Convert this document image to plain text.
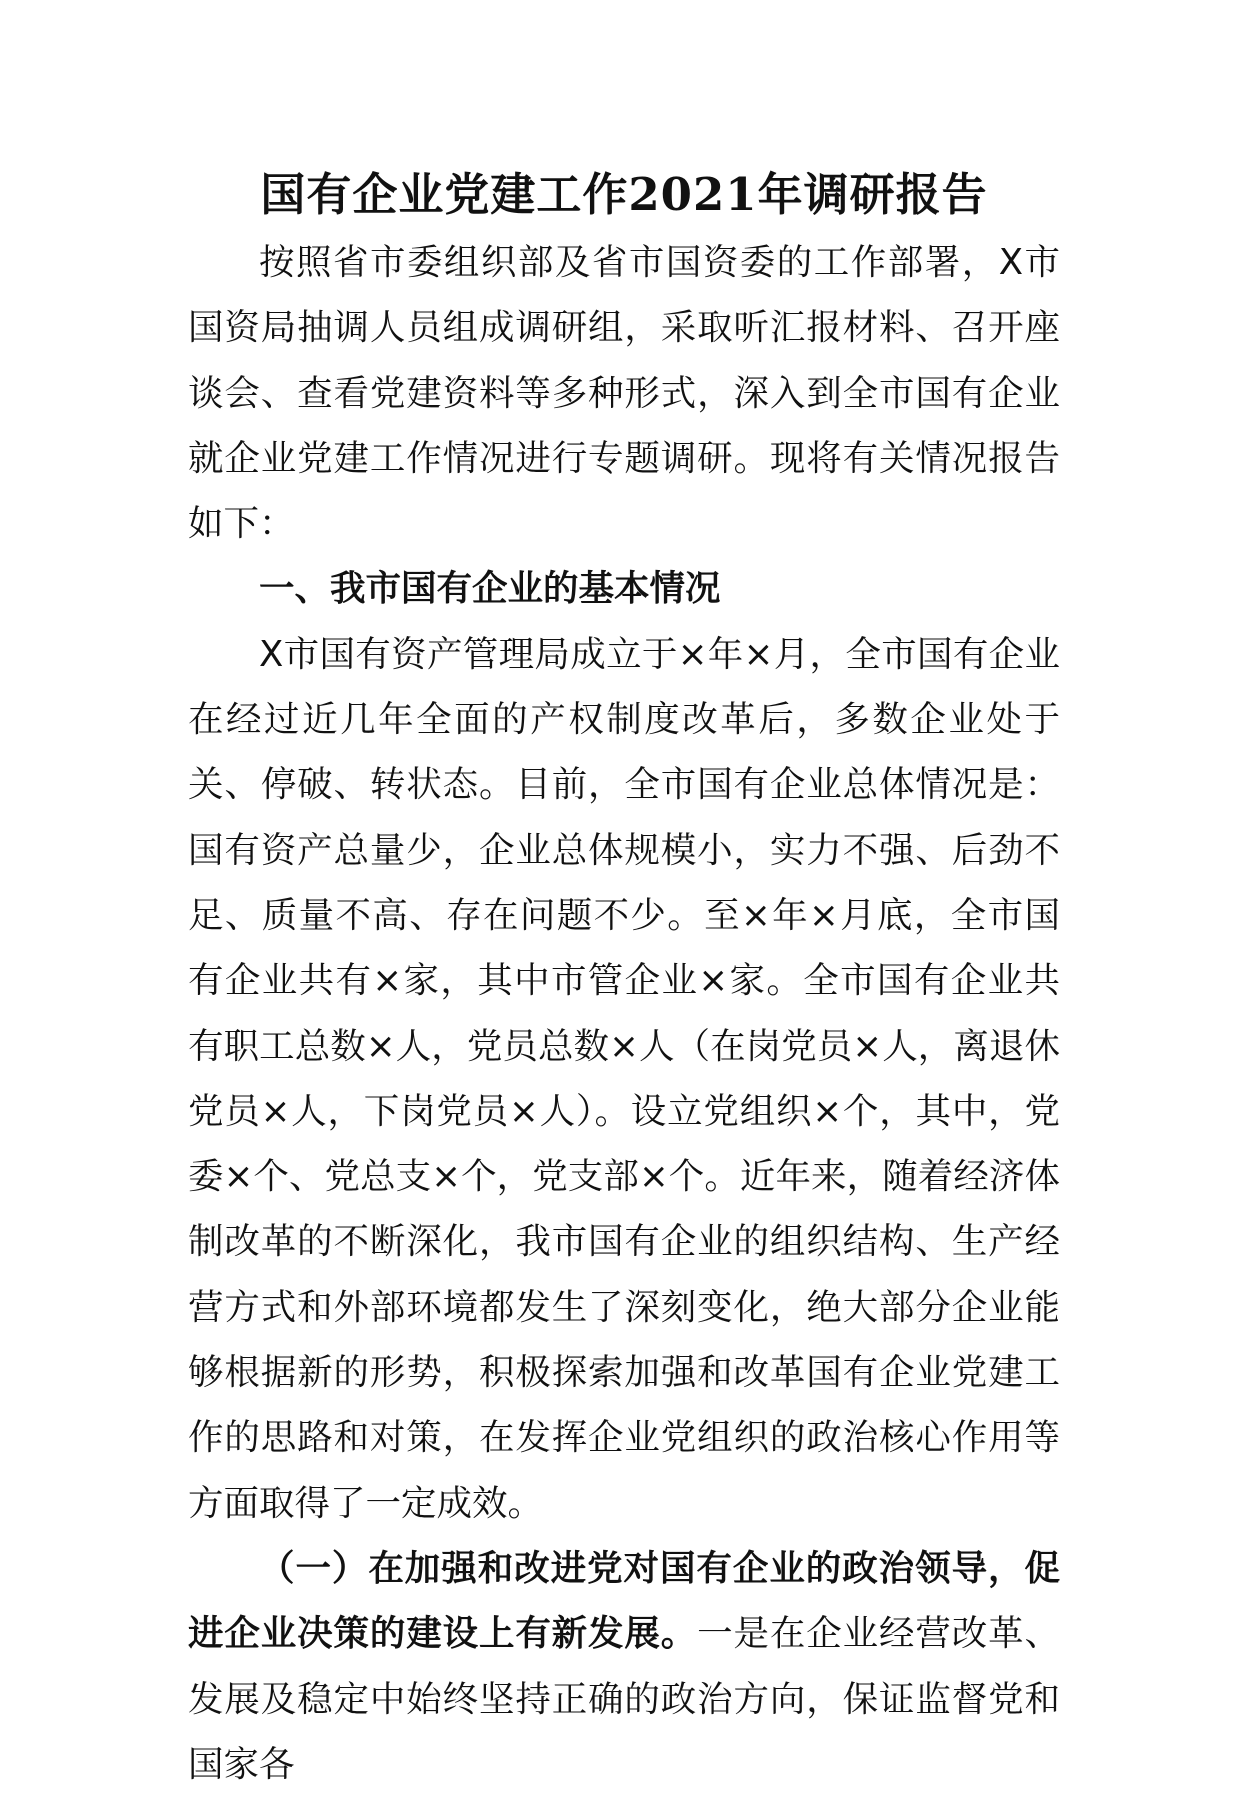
国有企业党建工作2021年调研报告

按照省市委组织部及省市国资委的工作部署，X市国资局抽调人员组成调研组，采取听汇报材料、召开座谈会、查看党建资料等多种形式，深入到全市国有企业就企业党建工作情况进行专题调研。现将有关情况报告如下：

一、我市国有企业的基本情况

X市国有资产管理局成立于×年×月，全市国有企业在经过近几年全面的产权制度改革后，多数企业处于关、停破、转状态。目前，全市国有企业总体情况是：国有资产总量少，企业总体规模小，实力不强、后劲不足、质量不高、存在问题不少。至×年×月底，全市国有企业共有×家，其中市管企业×家。全市国有企业共有职工总数×人，党员总数×人（在岗党员×人，离退休党员×人，下岗党员×人）。设立党组织×个，其中，党委×个、党总支×个，党支部×个。近年来，随着经济体制改革的不断深化，我市国有企业的组织结构、生产经营方式和外部环境都发生了深刻变化，绝大部分企业能够根据新的形势，积极探索加强和改革国有企业党建工作的思路和对策，在发挥企业党组织的政治核心作用等方面取得了一定成效。

（一）在加强和改进党对国有企业的政治领导，促进企业决策的建设上有新发展。一是在企业经营改革、发展及稳定中始终坚持正确的政治方向，保证监督党和国家各
